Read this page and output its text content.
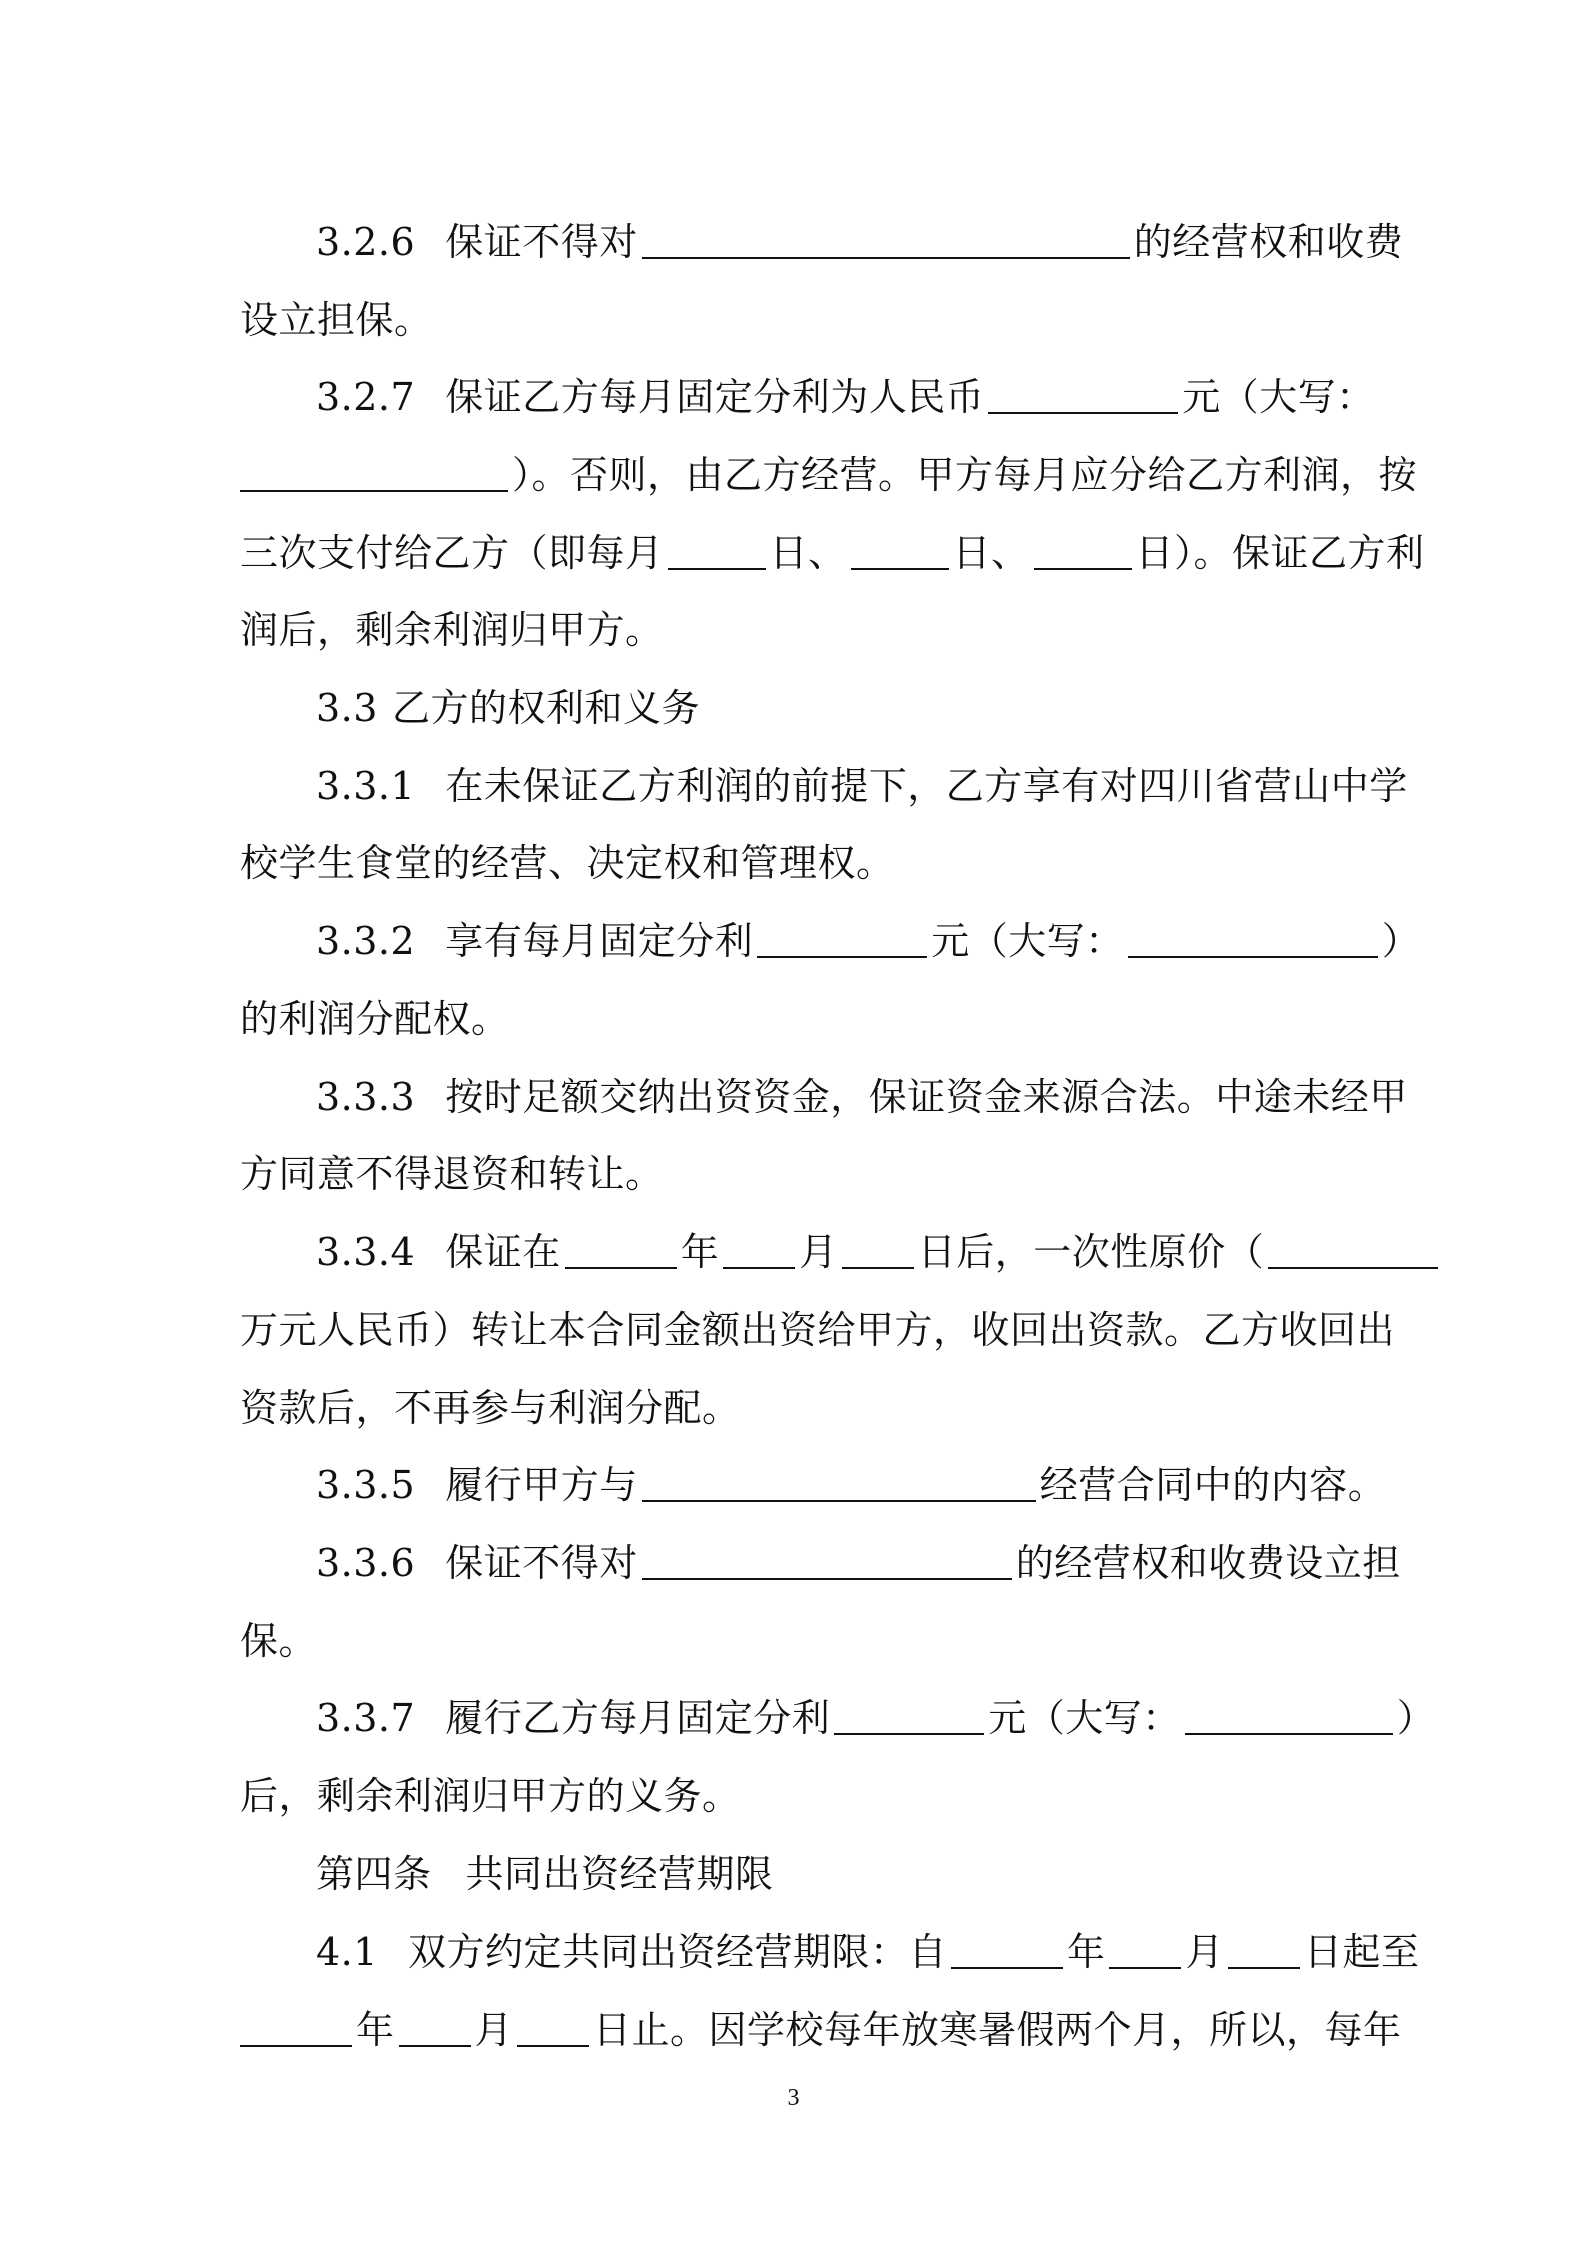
3.2.6 保证不得对	的经营权和收费
设立担保。
3.2.7 保证乙方每月固定分利为人民币	元（大写：
）。否则，由乙方经营。甲方每月应分给乙方利润，按
三次支付给乙方（即每月	日、	日、	日）。保证乙方利
润后，剩余利润归甲方。
3.3 乙方的权利和义务
3.3.1 在未保证乙方利润的前提下，乙方享有对四川省营山中学
校学生食堂的经营、决定权和管理权。
3.3.2 享有每月固定分利	元（大写：	）
的利润分配权。
3.3.3 按时足额交纳出资资金，保证资金来源合法。中途未经甲
方同意不得退资和转让。
3.3.4 保证在	年 月 日后，一次性原价（
万元人民币）转让本合同金额出资给甲方，收回出资款。乙方收回出
资款后，不再参与利润分配。
3.3.5 履行甲方与	经营合同中的内容。
3.3.6 保证不得对	的经营权和收费设立担
保。
3.3.7 履行乙方每月固定分利	元（大写：	）
后，剩余利润归甲方的义务。
第四条 共同出资经营期限
4.1 双方约定共同出资经营期限：自	年 月 日起至
年 月 日止。因学校每年放寒暑假两个月，所以，每年
3
